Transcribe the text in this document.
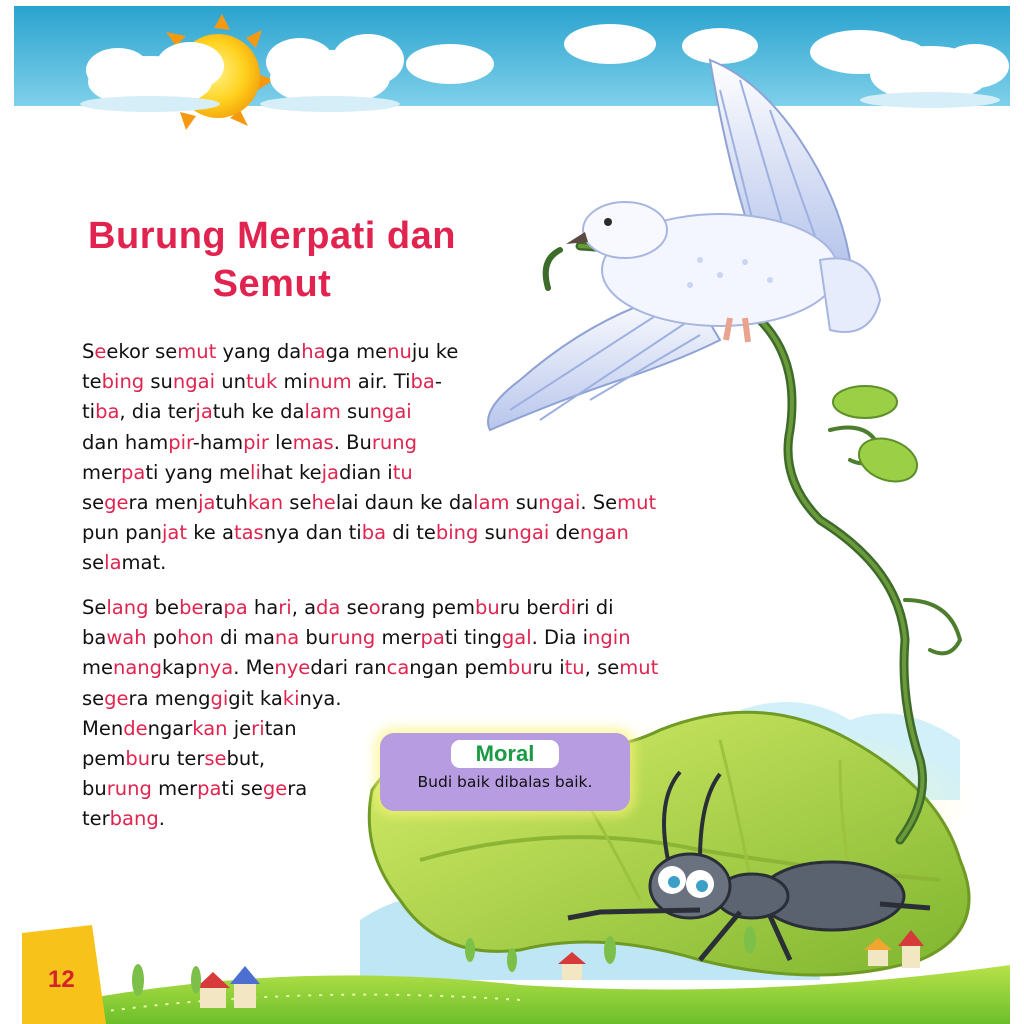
Burung Merpati dan
Semut
Seekor semut yang dahaga menuju ke
tebing sungai untuk minum air. Tiba-
tiba, dia terjatuh ke dalam sungai
dan hampir-hampir lemas. Burung
merpati yang melihat kejadian itu
segera menjatuhkan sehelai daun ke dalam sungai. Semut
pun panjat ke atasnya dan tiba di tebing sungai dengan
selamat.
Selang beberapa hari, ada seorang pemburu berdiri di
bawah pohon di mana burung merpati tinggal. Dia ingin
menangkapnya. Menyedari rancangan pemburu itu, semut
segera menggigit kakinya.
Mendengarkan jeritan
pemburu tersebut,
burung merpati segera
terbang.
Moral
Budi baik dibalas baik.
12
